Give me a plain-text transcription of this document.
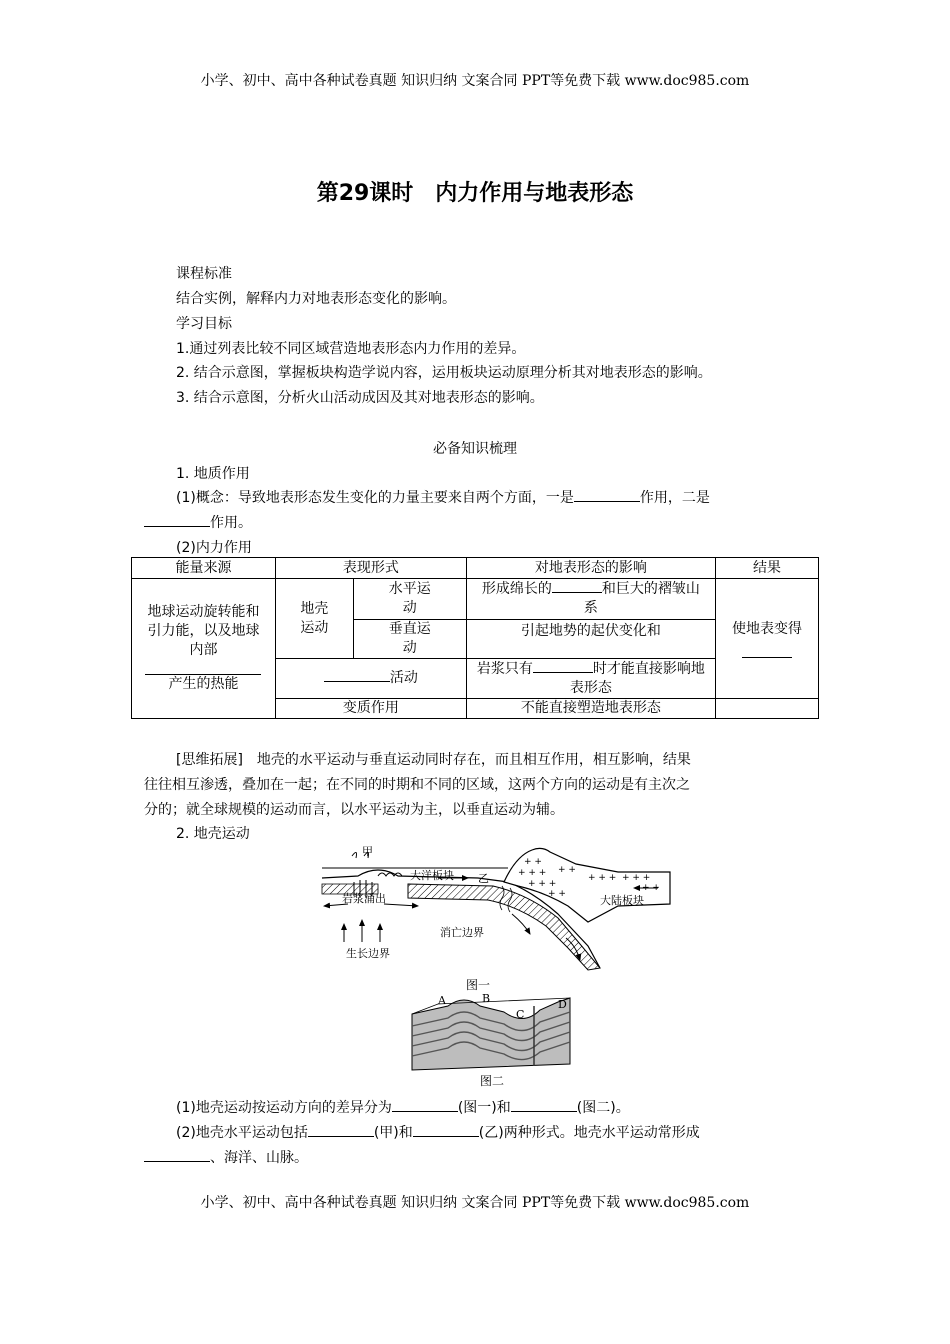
小学、初中、高中各种试卷真题 知识归纳 文案合同 PPT等免费下载 www.doc985.com
第29课时　内力作用与地表形态
课程标准
结合实例，解释内力对地表形态变化的影响。
学习目标
1.通过列表比较不同区域营造地表形态内力作用的差异。
2. 结合示意图，掌握板块构造学说内容，运用板块运动原理分析其对地表形态的影响。
3. 结合示意图，分析火山活动成因及其对地表形态的影响。
必备知识梳理
1. 地质作用
(1)概念：导致地表形态发生变化的力量主要来自两个方面，一是	作用，二是
作用。
(2)内力作用
能量来源	表现形式		对地表形态的影响	结果

地球运动旋转能和引力能，以及地球内部
产生的热能	地壳运动	水平运动	形成绵长的 和巨大的褶皱山系	使地表变得

		垂直运动	引起地势的起伏变化和	
	活动		岩浆只有 时才能直接影响地表形态	
	变质作用		不能直接塑造地表形态	
[思维拓展]　地壳的水平运动与垂直运动同时存在，而且相互作用，相互影响，结果
往往相互渗透，叠加在一起；在不同的时期和不同的区域，这两个方向的运动是有主次之
分的；就全球规模的运动而言，以水平运动为主，以垂直运动为辅。
2. 地壳运动
+ +
+ + +
+ + +
+ +
+ +
+ + + + + +
+ +
甲
大洋板块 乙
大陆板块
岩浆涌出
消亡边界
生长边界
图一
A	B
C
D
图二
(1)地壳运动按运动方向的差异分为	(图一)和	(图二)。
(2)地壳水平运动包括	(甲)和	(乙)两种形式。地壳水平运动常形成
、海洋、山脉。
小学、初中、高中各种试卷真题 知识归纳 文案合同 PPT等免费下载 www.doc985.com
